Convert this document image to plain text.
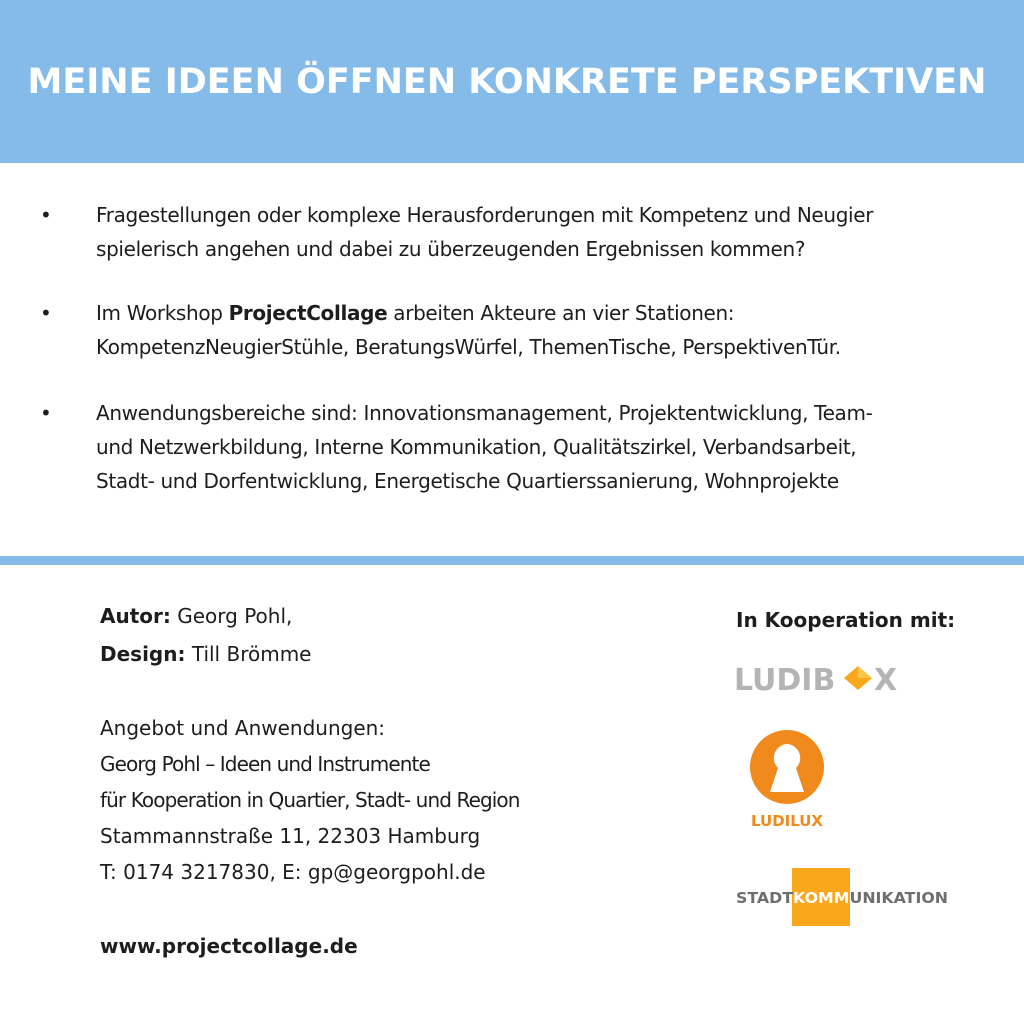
MEINE IDEEN ÖFFNEN KONKRETE PERSPEKTIVEN
• Fragestellungen oder komplexe Herausforderungen mit Kompetenz und Neugier
spielerisch angehen und dabei zu überzeugenden Ergebnissen kommen?
• Im Workshop ProjectCollage arbeiten Akteure an vier Stationen:
KompetenzNeugierStühle, BeratungsWürfel, ThemenTische, PerspektivenTür.
• Anwendungsbereiche sind: Innovationsmanagement, Projektentwicklung, Team-
und Netzwerkbildung, Interne Kommunikation, Qualitätszirkel, Verbandsarbeit,
Stadt- und Dorfentwicklung, Energetische Quartierssanierung, Wohnprojekte
Autor: Georg Pohl,
Design: Till Brömme
Angebot und Anwendungen:
Georg Pohl – Ideen und Instrumente
für Kooperation in Quartier, Stadt- und Region
Stammannstraße 11, 22303 Hamburg
T: 0174 3217830, E: gp@georgpohl.de
www.projectcollage.de
In Kooperation mit:
LUDIB X
LUDILUX
STADT KOMM UNIKATION
